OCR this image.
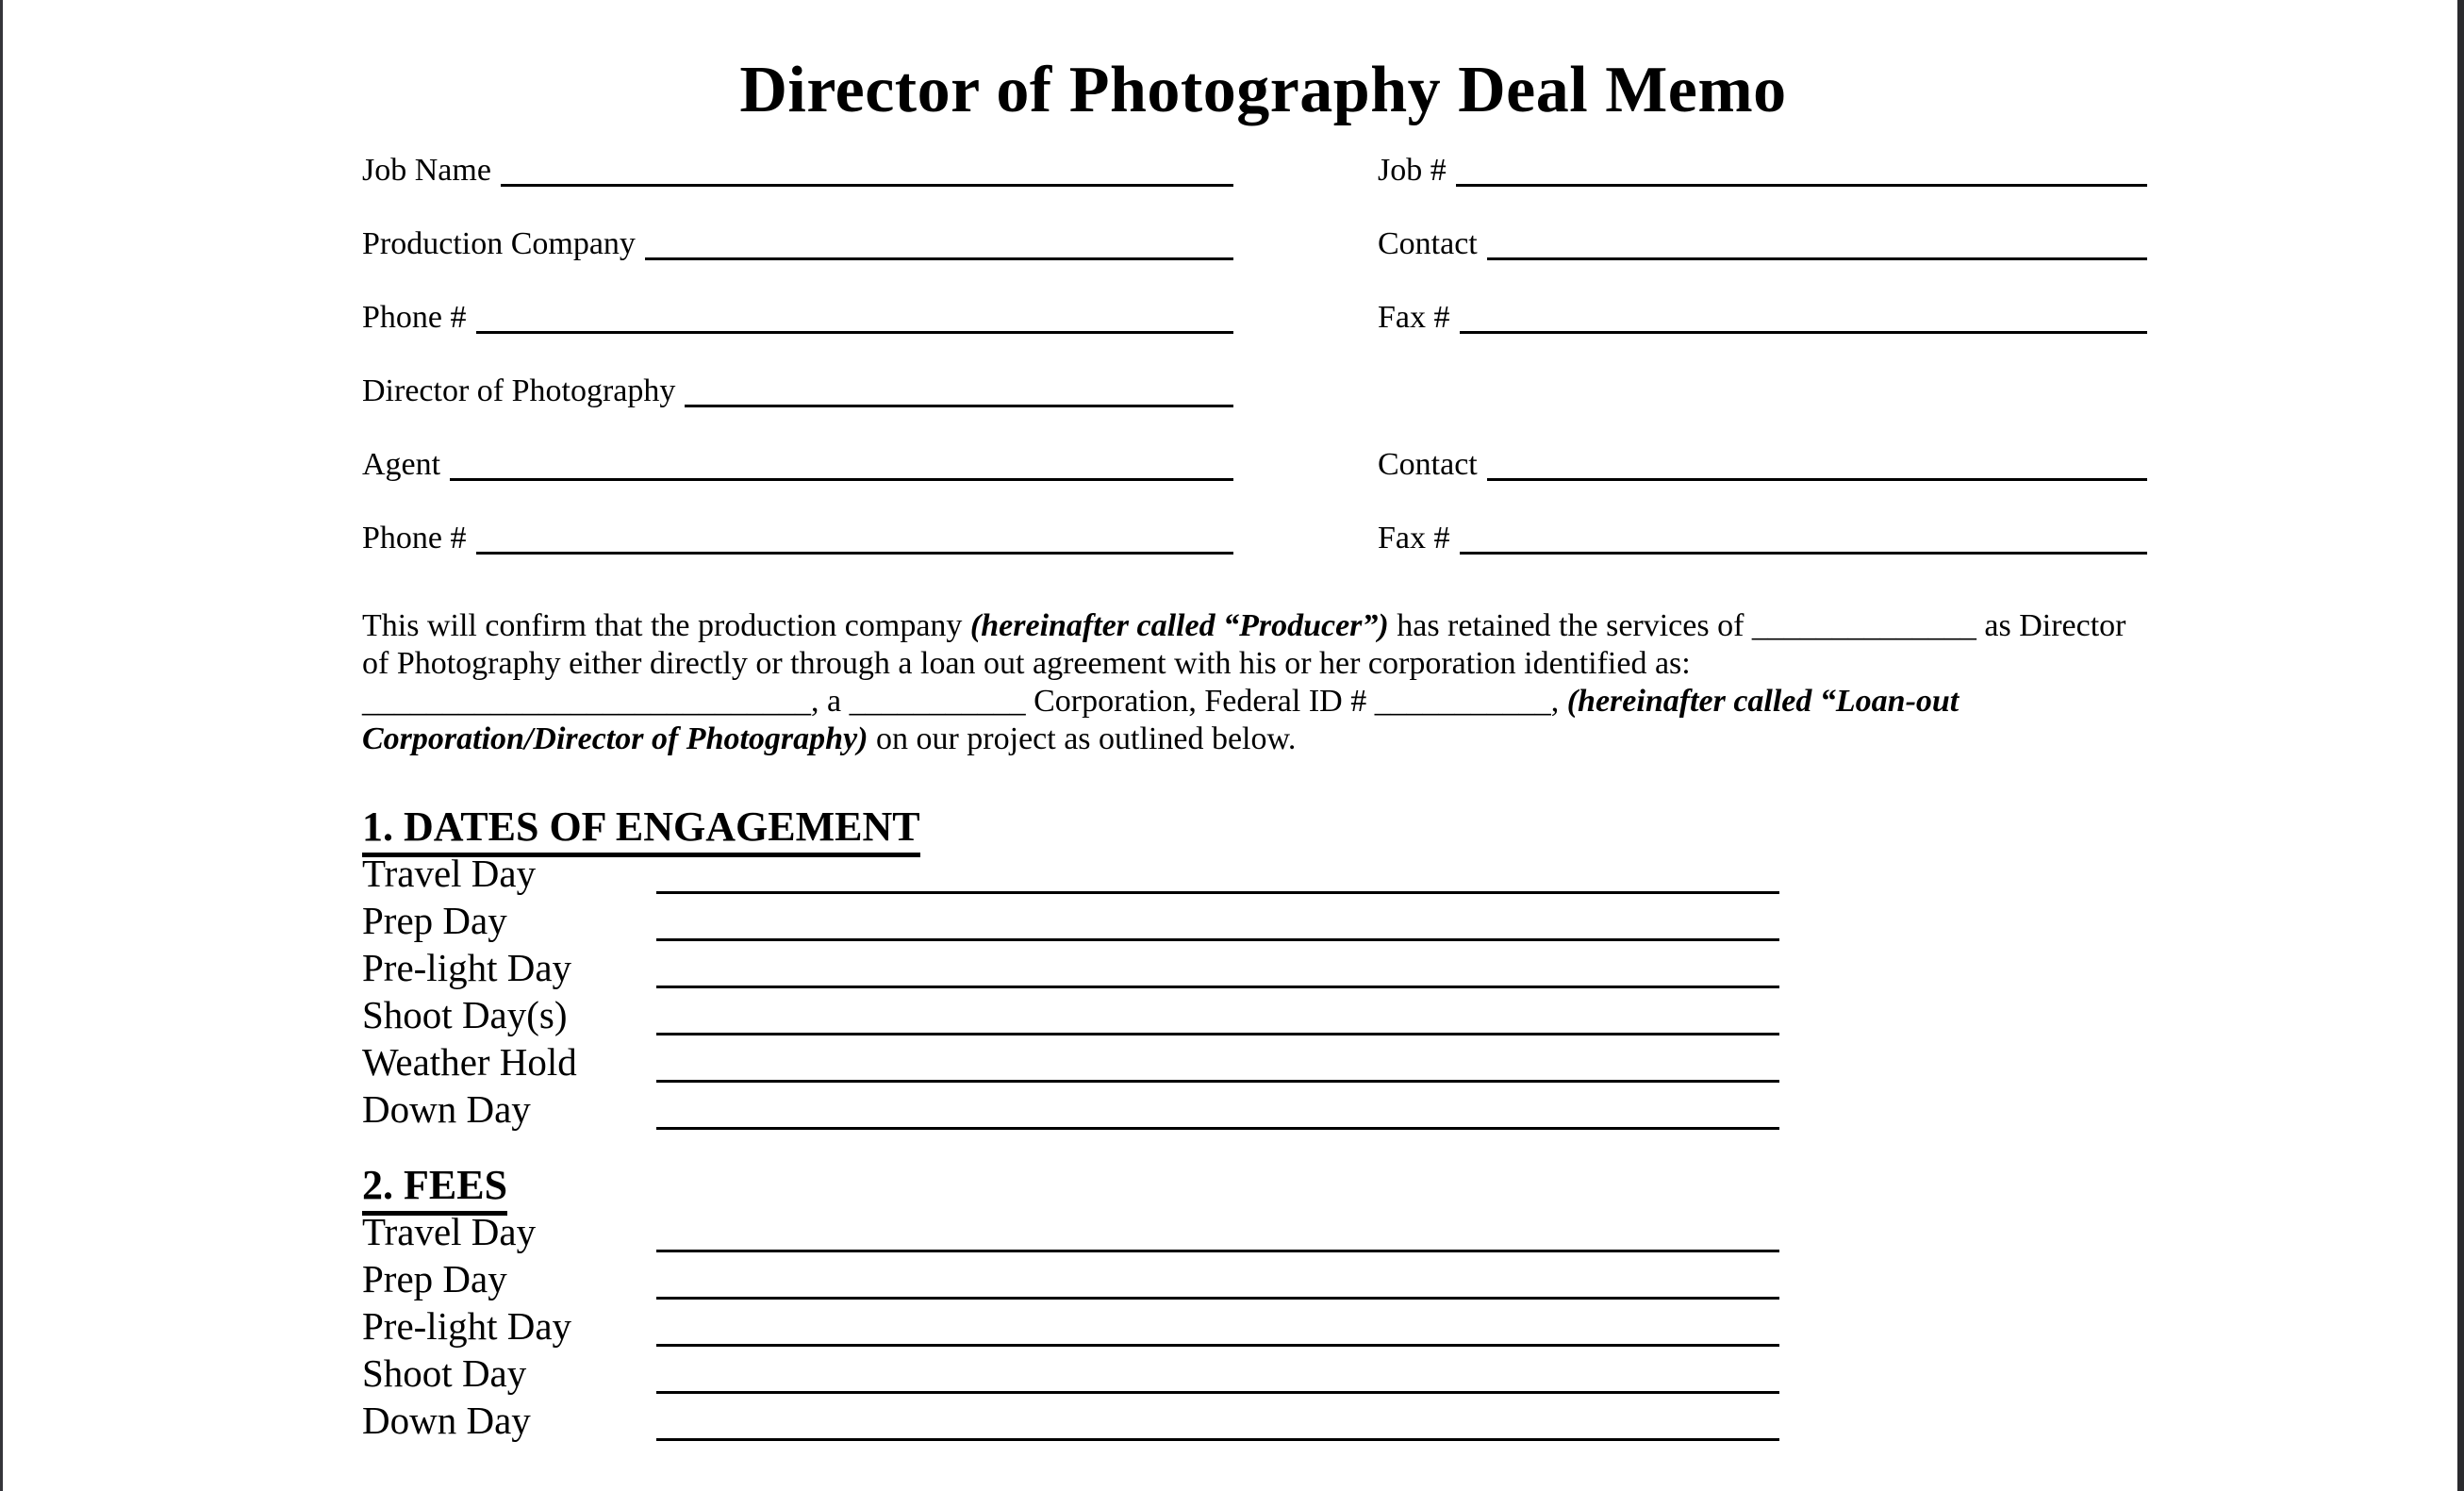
Director of Photography Deal Memo
Job Name	Job #
Production Company	Contact
Phone #	Fax #
Director of Photography
Agent	Contact
Phone #	Fax #
This will confirm that the production company (hereinafter called “Producer”) has retained the services of ______________ as Director
of Photography either directly or through a loan out agreement with his or her corporation identified as:
____________________________, a ___________ Corporation, Federal ID # ___________, (hereinafter called “Loan-out
Corporation/Director of Photography) on our project as outlined below.
1. DATES OF ENGAGEMENT
Travel Day
Prep Day
Pre-light Day
Shoot Day(s)
Weather Hold
Down Day
2. FEES
Travel Day
Prep Day
Pre-light Day
Shoot Day
Down Day
